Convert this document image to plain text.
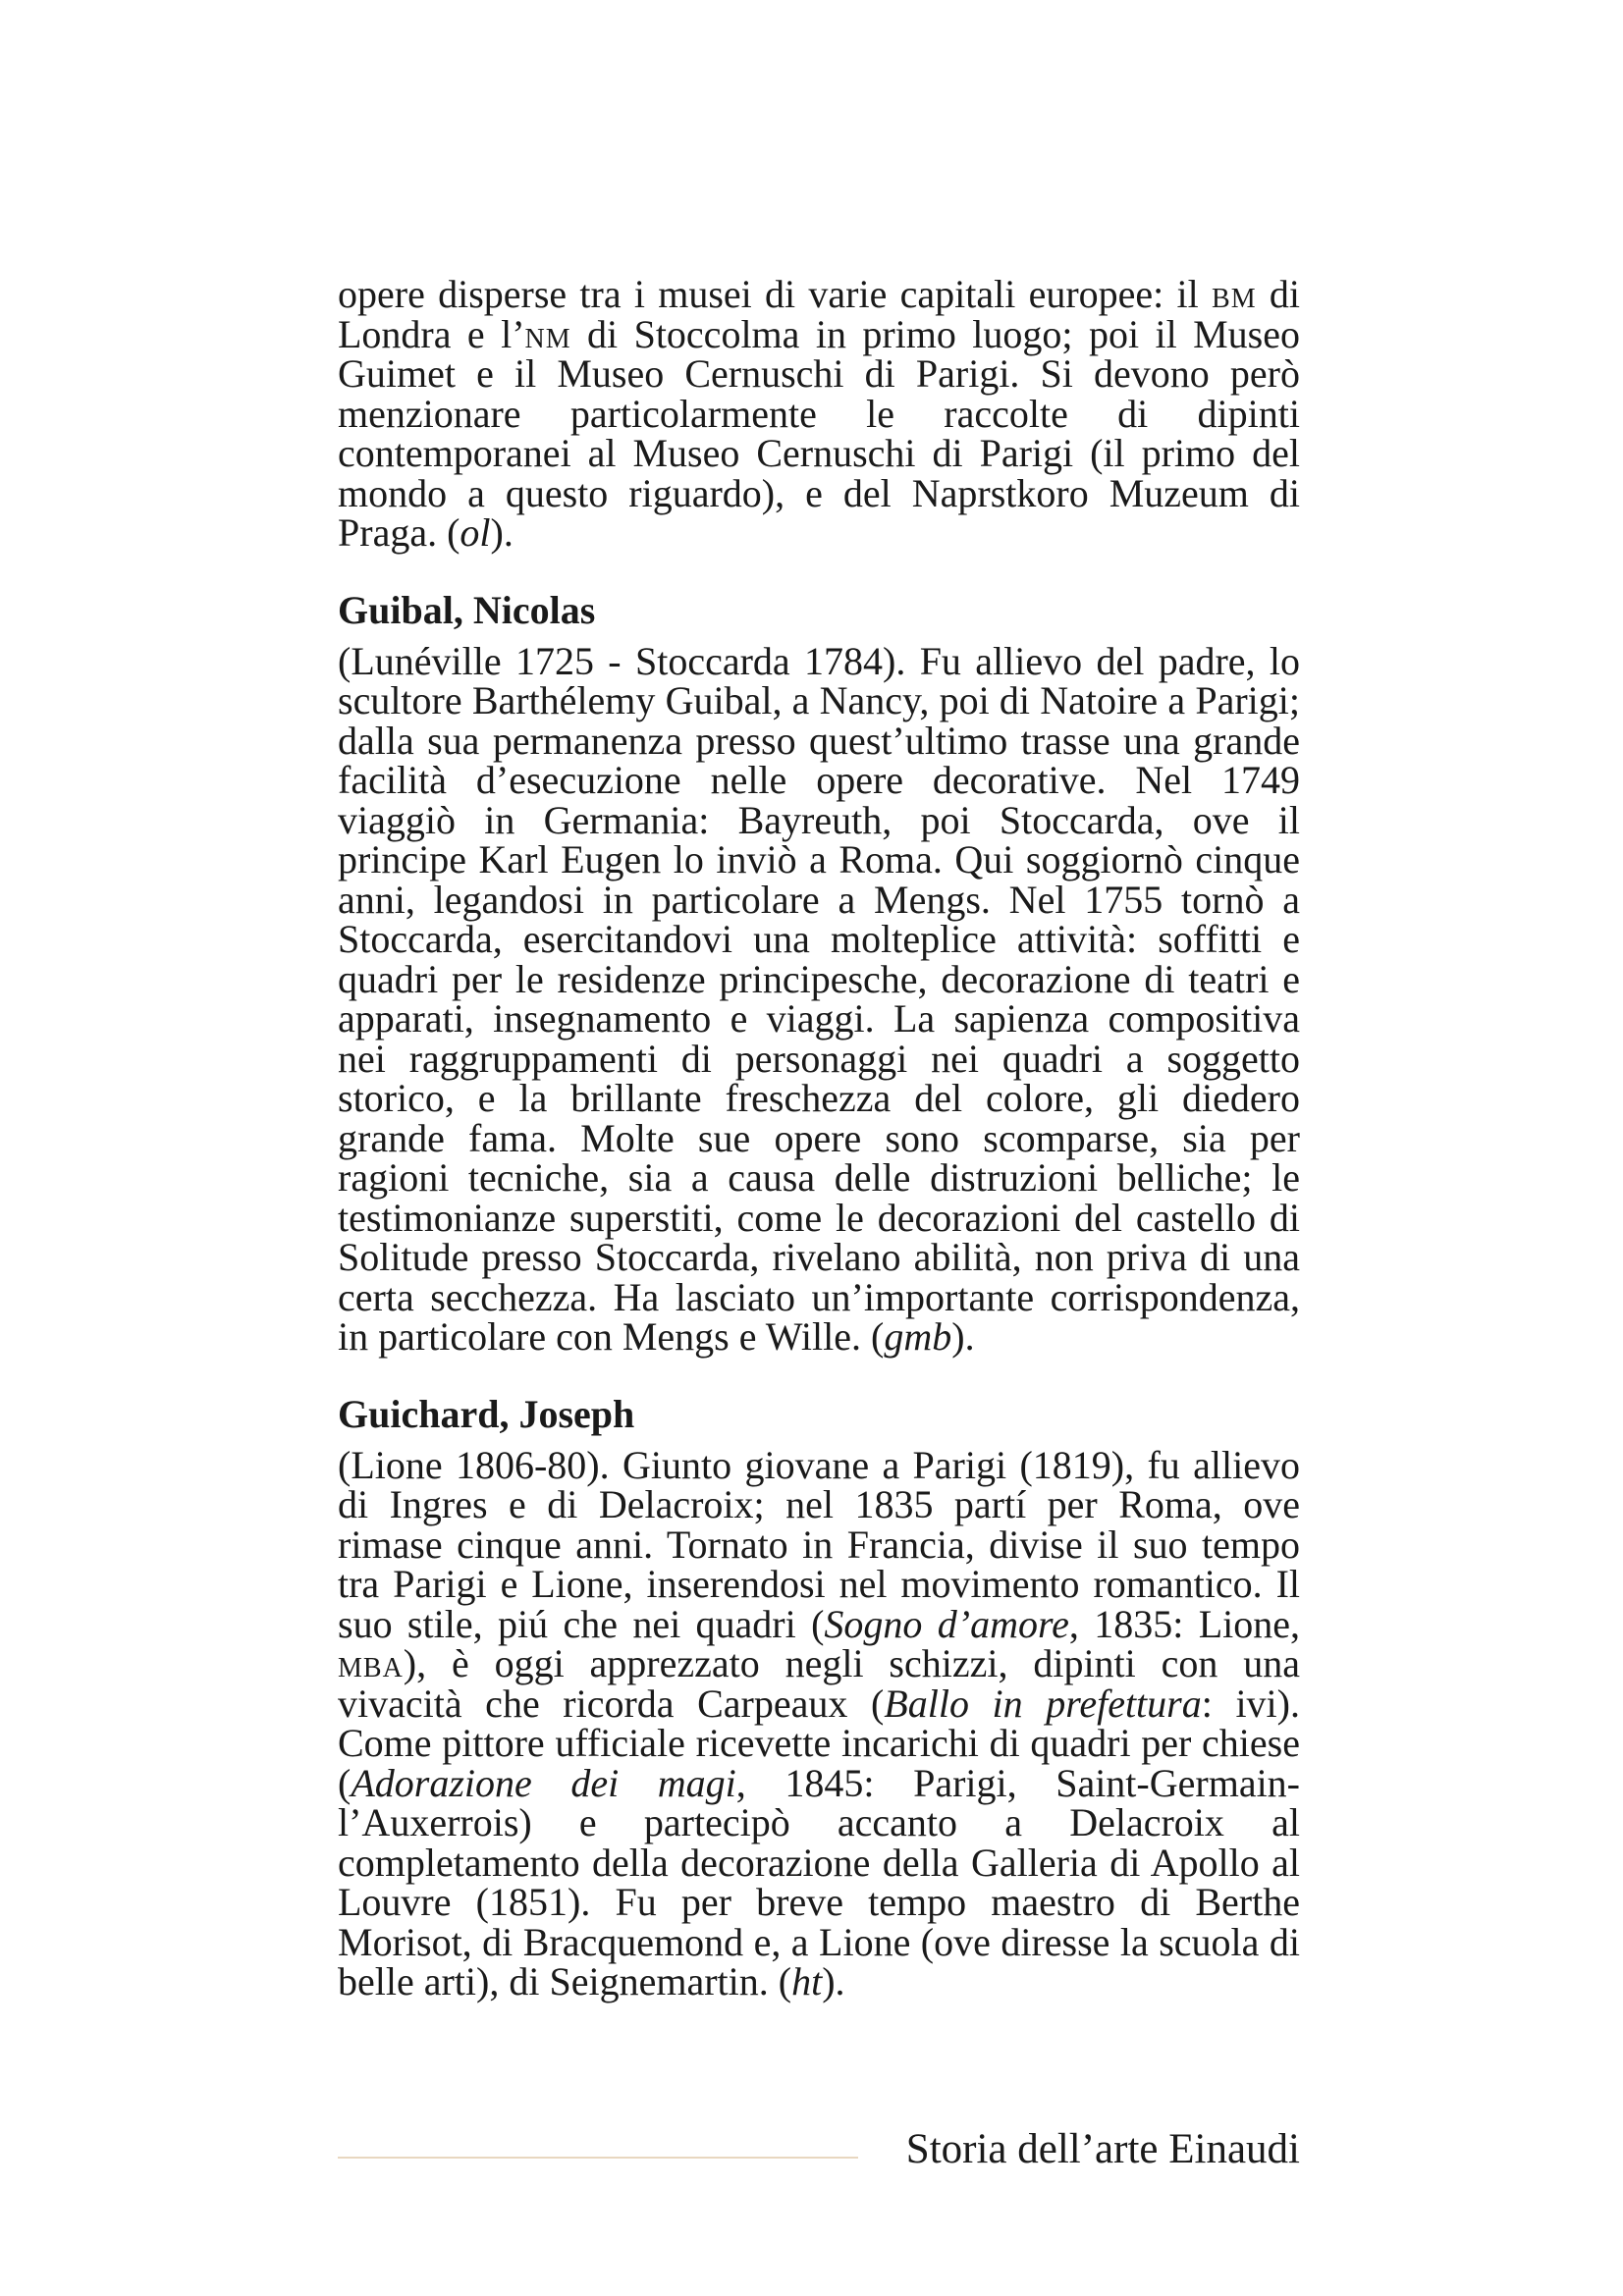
opere disperse tra i musei di varie capitali europee: il bm di Londra e l’nm di Stoccolma in primo luogo; poi il Museo Guimet e il Museo Cernuschi di Parigi. Si devono però menzionare particolarmente le raccolte di dipinti contemporanei al Museo Cernuschi di Parigi (il primo del mondo a questo riguardo), e del Naprstkoro Muzeum di Praga. (ol).

Guibal, Nicolas

(Lunéville 1725 - Stoccarda 1784). Fu allievo del padre, lo scultore Barthélemy Guibal, a Nancy, poi di Natoire a Parigi; dalla sua permanenza presso quest’ultimo trasse una grande facilità d’esecuzione nelle opere decorative. Nel 1749 viaggiò in Germania: Bayreuth, poi Stoccarda, ove il principe Karl Eugen lo inviò a Roma. Qui soggiornò cinque anni, legandosi in particolare a Mengs. Nel 1755 tornò a Stoccarda, esercitandovi una molteplice attività: soffitti e quadri per le residenze principesche, decorazione di teatri e apparati, insegnamento e viaggi. La sapienza compositiva nei raggruppamenti di personaggi nei quadri a soggetto storico, e la brillante freschezza del colore, gli diedero grande fama. Molte sue opere sono scomparse, sia per ragioni tecniche, sia a causa delle distruzioni belliche; le testimonianze superstiti, come le decorazioni del castello di Solitude presso Stoccarda, rivelano abilità, non priva di una certa secchezza. Ha lasciato un’importante corrispondenza, in particolare con Mengs e Wille. (gmb).

Guichard, Joseph

(Lione 1806-80). Giunto giovane a Parigi (1819), fu allievo di Ingres e di Delacroix; nel 1835 partí per Roma, ove rimase cinque anni. Tornato in Francia, divise il suo tempo tra Parigi e Lione, inserendosi nel movimento romantico. Il suo stile, piú che nei quadri (Sogno d’amore, 1835: Lione, mba), è oggi apprezzato negli schizzi, dipinti con una vivacità che ricorda Carpeaux (Ballo in prefettura: ivi). Come pittore ufficiale ricevette incarichi di quadri per chiese (Adorazione dei magi, 1845: Parigi, Saint-Germain-l’Auxerrois) e partecipò accanto a Delacroix al completamento della decorazione della Galleria di Apollo al Louvre (1851). Fu per breve tempo maestro di Berthe Morisot, di Bracquemond e, a Lione (ove diresse la scuola di belle arti), di Seignemartin. (ht).

Storia dell’arte Einaudi
